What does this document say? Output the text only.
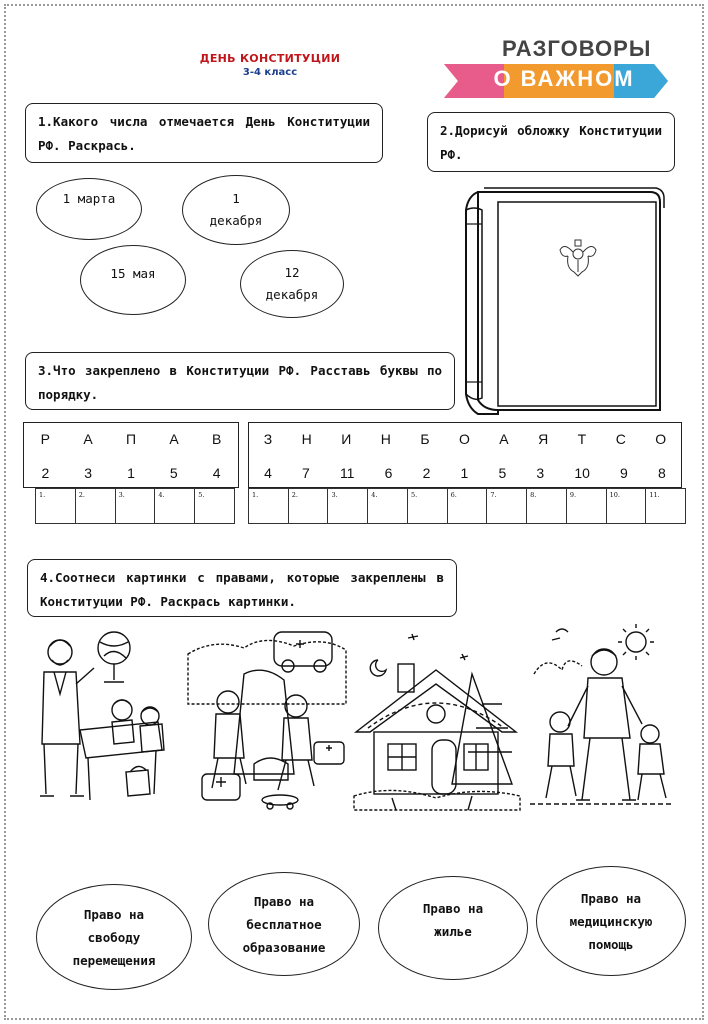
ДЕНЬ КОНСТИТУЦИИ
3-4 класс
РАЗГОВОРЫ
О ВАЖНОМ
1.Какого числа отмечается День Конституции РФ. Раскрась.
1 марта	1
декабря
15 мая	12
декабря
2.Дорисуй обложку Конституции РФ.
3.Что закреплено в Конституции РФ. Расставь буквы по порядку.
Р А П А В
2	3	1	5	4
1.	2.	3.	4.	5.
З Н И Н Б О А Я Т С О
4 7 11 6 2 1 5 3 10 9 8
1.	2.	3.	4.	5.	6.	7.	8.	9.	10.	11.
4.Соотнеси картинки с правами, которые закреплены в Конституции РФ. Раскрась картинки.
Право на
свободу
перемещения
Право на
бесплатное
образование
Право на
жилье
Право на
медицинскую
помощь
